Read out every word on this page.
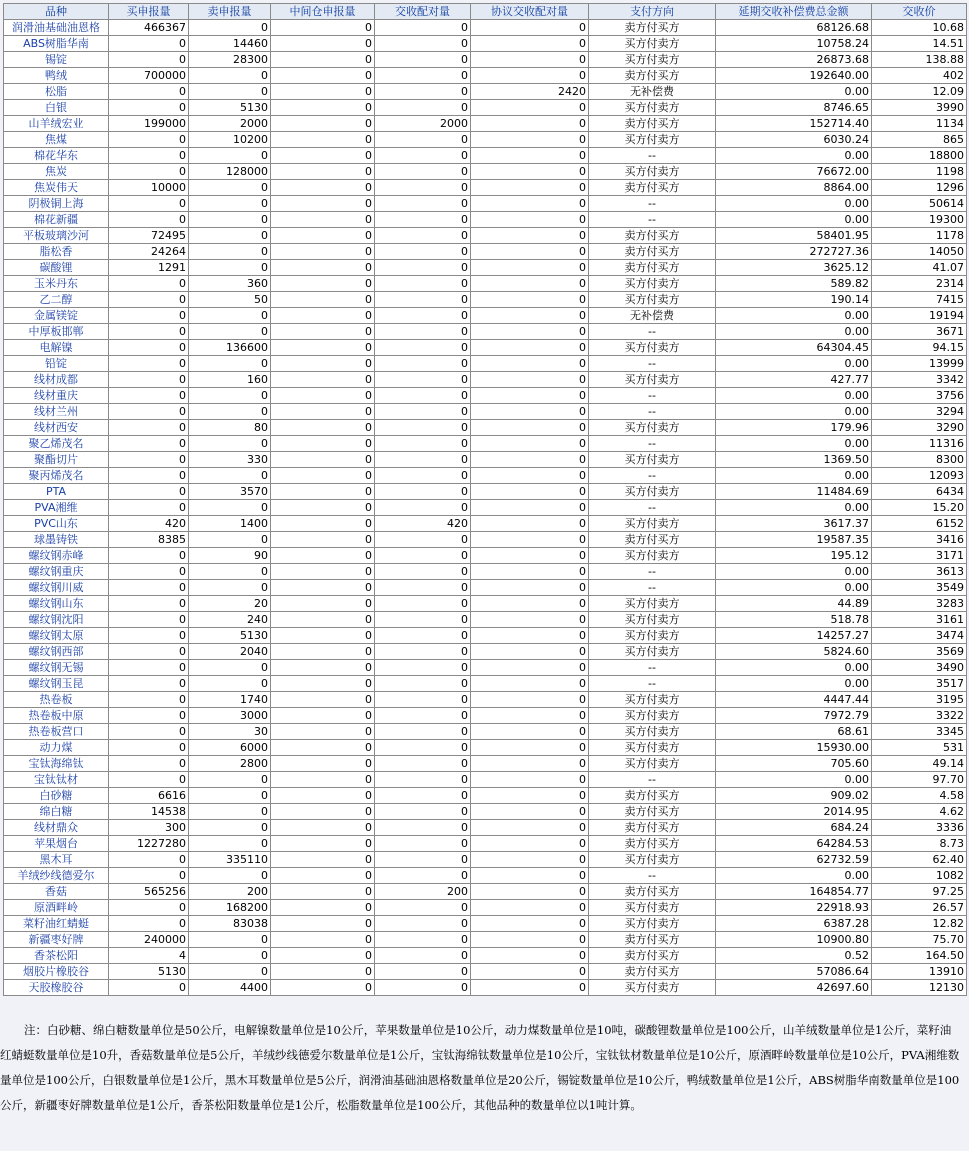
品种	买申报量	卖申报量	中间仓申报量	交收配对量	协议交收配对量	支付方向	延期交收补偿费总金额	交收价
润滑油基础油恩格	466367	0	0	0	0	卖方付买方	68126.68	10.68
ABS树脂华南	0	14460	0	0	0	买方付卖方	10758.24	14.51
锡锭	0	28300	0	0	0	买方付卖方	26873.68	138.88
鸭绒	700000	0	0	0	0	卖方付买方	192640.00	402
松脂	0	0	0	0	2420	无补偿费	0.00	12.09
白银	0	5130	0	0	0	买方付卖方	8746.65	3990
山羊绒宏业	199000	2000	0	2000	0	卖方付买方	152714.40	1134
焦煤	0	10200	0	0	0	买方付卖方	6030.24	865
棉花华东	0	0	0	0	0	--	0.00	18800
焦炭	0	128000	0	0	0	买方付卖方	76672.00	1198
焦炭伟天	10000	0	0	0	0	卖方付买方	8864.00	1296
阴极铜上海	0	0	0	0	0	--	0.00	50614
棉花新疆	0	0	0	0	0	--	0.00	19300
平板玻璃沙河	72495	0	0	0	0	卖方付买方	58401.95	1178
脂松香	24264	0	0	0	0	卖方付买方	272727.36	14050
碳酸锂	1291	0	0	0	0	卖方付买方	3625.12	41.07
玉米丹东	0	360	0	0	0	买方付卖方	589.82	2314
乙二醇	0	50	0	0	0	买方付卖方	190.14	7415
金属镁锭	0	0	0	0	0	无补偿费	0.00	19194
中厚板邯郸	0	0	0	0	0	--	0.00	3671
电解镍	0	136600	0	0	0	买方付卖方	64304.45	94.15
铅锭	0	0	0	0	0	--	0.00	13999
线材成都	0	160	0	0	0	买方付卖方	427.77	3342
线材重庆	0	0	0	0	0	--	0.00	3756
线材兰州	0	0	0	0	0	--	0.00	3294
线材西安	0	80	0	0	0	买方付卖方	179.96	3290
聚乙烯茂名	0	0	0	0	0	--	0.00	11316
聚酯切片	0	330	0	0	0	买方付卖方	1369.50	8300
聚丙烯茂名	0	0	0	0	0	--	0.00	12093
PTA	0	3570	0	0	0	买方付卖方	11484.69	6434
PVA湘维	0	0	0	0	0	--	0.00	15.20
PVC山东	420	1400	0	420	0	买方付卖方	3617.37	6152
球墨铸铁	8385	0	0	0	0	卖方付买方	19587.35	3416
螺纹钢赤峰	0	90	0	0	0	买方付卖方	195.12	3171
螺纹钢重庆	0	0	0	0	0	--	0.00	3613
螺纹钢川威	0	0	0	0	0	--	0.00	3549
螺纹钢山东	0	20	0	0	0	买方付卖方	44.89	3283
螺纹钢沈阳	0	240	0	0	0	买方付卖方	518.78	3161
螺纹钢太原	0	5130	0	0	0	买方付卖方	14257.27	3474
螺纹钢西部	0	2040	0	0	0	买方付卖方	5824.60	3569
螺纹钢无锡	0	0	0	0	0	--	0.00	3490
螺纹钢玉昆	0	0	0	0	0	--	0.00	3517
热卷板	0	1740	0	0	0	买方付卖方	4447.44	3195
热卷板中原	0	3000	0	0	0	买方付卖方	7972.79	3322
热卷板营口	0	30	0	0	0	买方付卖方	68.61	3345
动力煤	0	6000	0	0	0	买方付卖方	15930.00	531
宝钛海绵钛	0	2800	0	0	0	买方付卖方	705.60	49.14
宝钛钛材	0	0	0	0	0	--	0.00	97.70
白砂糖	6616	0	0	0	0	卖方付买方	909.02	4.58
绵白糖	14538	0	0	0	0	卖方付买方	2014.95	4.62
线材鼎众	300	0	0	0	0	卖方付买方	684.24	3336
苹果烟台	1227280	0	0	0	0	卖方付买方	64284.53	8.73
黑木耳	0	335110	0	0	0	买方付卖方	62732.59	62.40
羊绒纱线德爱尔	0	0	0	0	0	--	0.00	1082
香菇	565256	200	0	200	0	卖方付买方	164854.77	97.25
原酒畔岭	0	168200	0	0	0	买方付卖方	22918.93	26.57
菜籽油红蜻蜓	0	83038	0	0	0	买方付卖方	6387.28	12.82
新疆枣好牌	240000	0	0	0	0	卖方付买方	10900.80	75.70
香茶松阳	4	0	0	0	0	卖方付买方	0.52	164.50
烟胶片橡胶谷	5130	0	0	0	0	卖方付买方	57086.64	13910
天胶橡胶谷	0	4400	0	0	0	买方付卖方	42697.60	12130

注：白砂糖、绵白糖数量单位是50公斤，电解镍数量单位是10公斤，苹果数量单位是10公斤，动力煤数量单位是10吨，碳酸锂数量单位是100公斤，山羊绒数量单位是1公斤，菜籽油红蜻蜓数量单位是10升，香菇数量单位是5公斤，羊绒纱线德爱尔数量单位是1公斤，宝钛海绵钛数量单位是10公斤，宝钛钛材数量单位是10公斤，原酒畔岭数量单位是10公斤，PVA湘维数量单位是100公斤，白银数量单位是1公斤，黑木耳数量单位是5公斤，润滑油基础油恩格数量单位是20公斤，锡锭数量单位是10公斤，鸭绒数量单位是1公斤，ABS树脂华南数量单位是100公斤，新疆枣好牌数量单位是1公斤，香茶松阳数量单位是1公斤，松脂数量单位是100公斤，其他品种的数量单位以1吨计算。
